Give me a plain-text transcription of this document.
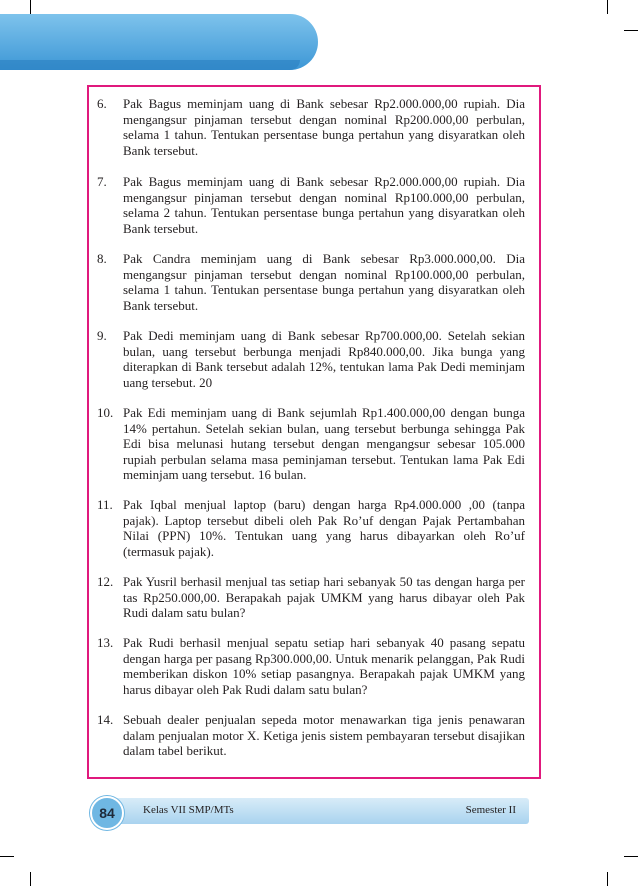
6. Pak Bagus meminjam uang di Bank sebesar Rp2.000.000,00 rupiah. Dia mengangsur pinjaman tersebut dengan nominal Rp200.000,00 perbulan, selama 1 tahun. Tentukan persentase bunga pertahun yang disyaratkan oleh Bank tersebut.
7. Pak Bagus meminjam uang di Bank sebesar Rp2.000.000,00 rupiah. Dia mengangsur pinjaman tersebut dengan nominal Rp100.000,00 perbulan, selama 2 tahun. Tentukan persentase bunga pertahun yang disyaratkan oleh Bank tersebut.
8. Pak Candra meminjam uang di Bank sebesar Rp3.000.000,00. Dia mengangsur pinjaman tersebut dengan nominal Rp100.000,00 perbulan, selama 1 tahun. Tentukan persentase bunga pertahun yang disyaratkan oleh Bank tersebut.
9. Pak Dedi meminjam uang di Bank sebesar Rp700.000,00. Setelah sekian bulan, uang tersebut berbunga menjadi Rp840.000,00. Jika bunga yang diterapkan di Bank tersebut adalah 12%, tentukan lama Pak Dedi meminjam uang tersebut. 20
10. Pak Edi meminjam uang di Bank sejumlah Rp1.400.000,00 dengan bunga 14% pertahun. Setelah sekian bulan, uang tersebut berbunga sehingga Pak Edi bisa melunasi hutang tersebut dengan mengangsur sebesar 105.000 rupiah perbulan selama masa peminjaman tersebut. Tentukan lama Pak Edi meminjam uang tersebut. 16 bulan.
11. Pak Iqbal menjual laptop (baru) dengan harga Rp4.000.000 ,00 (tanpa pajak). Laptop tersebut dibeli oleh Pak Ro’uf dengan Pajak Pertambahan Nilai (PPN) 10%. Tentukan uang yang harus dibayarkan oleh Ro’uf (termasuk pajak).
12. Pak Yusril berhasil menjual tas setiap hari sebanyak 50 tas dengan harga per tas Rp250.000,00. Berapakah pajak UMKM yang harus dibayar oleh Pak Rudi dalam satu bulan?
13. Pak Rudi berhasil menjual sepatu setiap hari sebanyak 40 pasang sepatu dengan harga per pasang Rp300.000,00. Untuk menarik pelanggan, Pak Rudi memberikan diskon 10% setiap pasangnya. Berapakah pajak UMKM yang harus dibayar oleh Pak Rudi dalam satu bulan?
14. Sebuah dealer penjualan sepeda motor menawarkan tiga jenis penawaran dalam penjualan motor X. Ketiga jenis sistem pembayaran tersebut disajikan dalam tabel berikut.
84	Kelas VII SMP/MTs	Semester II
